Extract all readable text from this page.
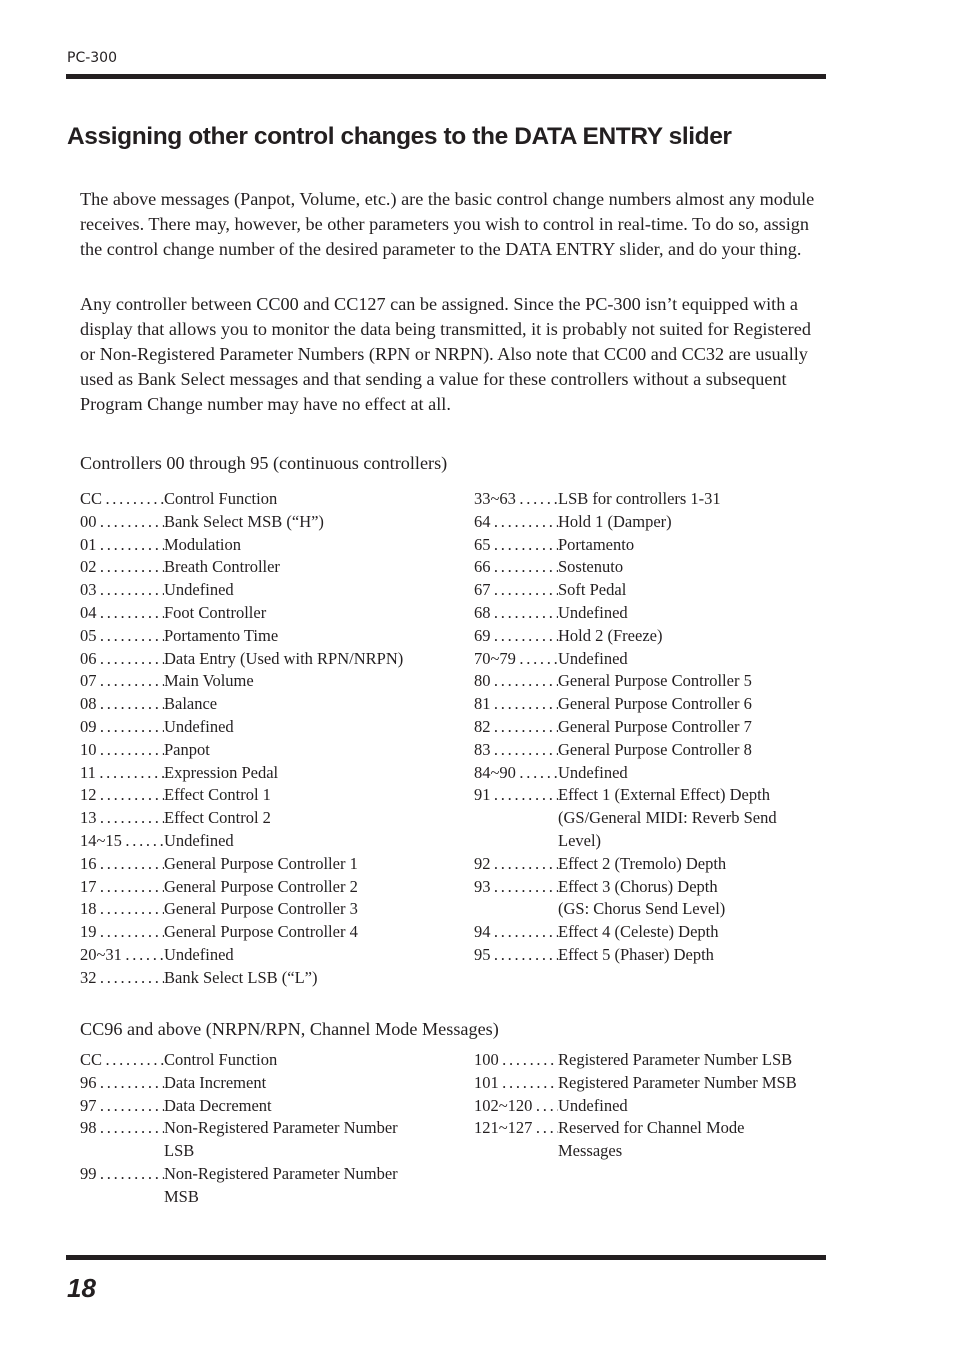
PC-300
Assigning other control changes to the DATA ENTRY slider

The above messages (Panpot, Volume, etc.) are the basic control change numbers almost any module receives. There may, however, be other parameters you wish to control in real-time. To do so, assign the control change number of the desired parameter to the DATA ENTRY slider, and do your thing.

Any controller between CC00 and CC127 can be assigned. Since the PC-300 isn’t equipped with a display that allows you to monitor the data being transmitted, it is probably not suited for Registered or Non-Registered Parameter Numbers (RPN or NRPN). Also note that CC00 and CC32 are usually used as Bank Select messages and that sending a value for these controllers without a subsequent Program Change number may have no effect at all.

Controllers 00 through 95 (continuous controllers)

CC . . .	Control Function
00 . . .	Bank Select MSB (“H”)
01 . . .	Modulation
02 . . .	Breath Controller
03 . . .	Undefined
04 . . .	Foot Controller
05 . . .	Portamento Time
06 . . .	Data Entry (Used with RPN/NRPN)
07 . . .	Main Volume
08 . . .	Balance
09 . . .	Undefined
10 . . .	Panpot
11 . . .	Expression Pedal
12 . . .	Effect Control 1
13 . . .	Effect Control 2
14~15 . . .	Undefined
16 . . .	General Purpose Controller 1
17 . . .	General Purpose Controller 2
18 . . .	General Purpose Controller 3
19 . . .	General Purpose Controller 4
20~31 . . .	Undefined
32 . . .	Bank Select LSB (“L”)
33~63 . . .	LSB for controllers 1-31
64 . . .	Hold 1 (Damper)
65 . . .	Portamento
66 . . .	Sostenuto
67 . . .	Soft Pedal
68 . . .	Undefined
69 . . .	Hold 2 (Freeze)
70~79 . . .	Undefined
80 . . .	General Purpose Controller 5
81 . . .	General Purpose Controller 6
82 . . .	General Purpose Controller 7
83 . . .	General Purpose Controller 8
84~90 . . .	Undefined
91 . . .	Effect 1 (External Effect) Depth
(GS/General MIDI: Reverb Send
Level)
92 . . .	Effect 2 (Tremolo) Depth
93 . . .	Effect 3 (Chorus) Depth
(GS: Chorus Send Level)
94 . . .	Effect 4 (Celeste) Depth
95 . . .	Effect 5 (Phaser) Depth

CC96 and above (NRPN/RPN, Channel Mode Messages)

CC . . .	Control Function
96 . . .	Data Increment
97 . . .	Data Decrement
98 . . .	Non-Registered Parameter Number
LSB
99 . . .	Non-Registered Parameter Number
MSB
100 . . .	Registered Parameter Number LSB
101 . . .	Registered Parameter Number MSB
102~120 . . .	Undefined
121~127 . . .	Reserved for Channel Mode
Messages
18
